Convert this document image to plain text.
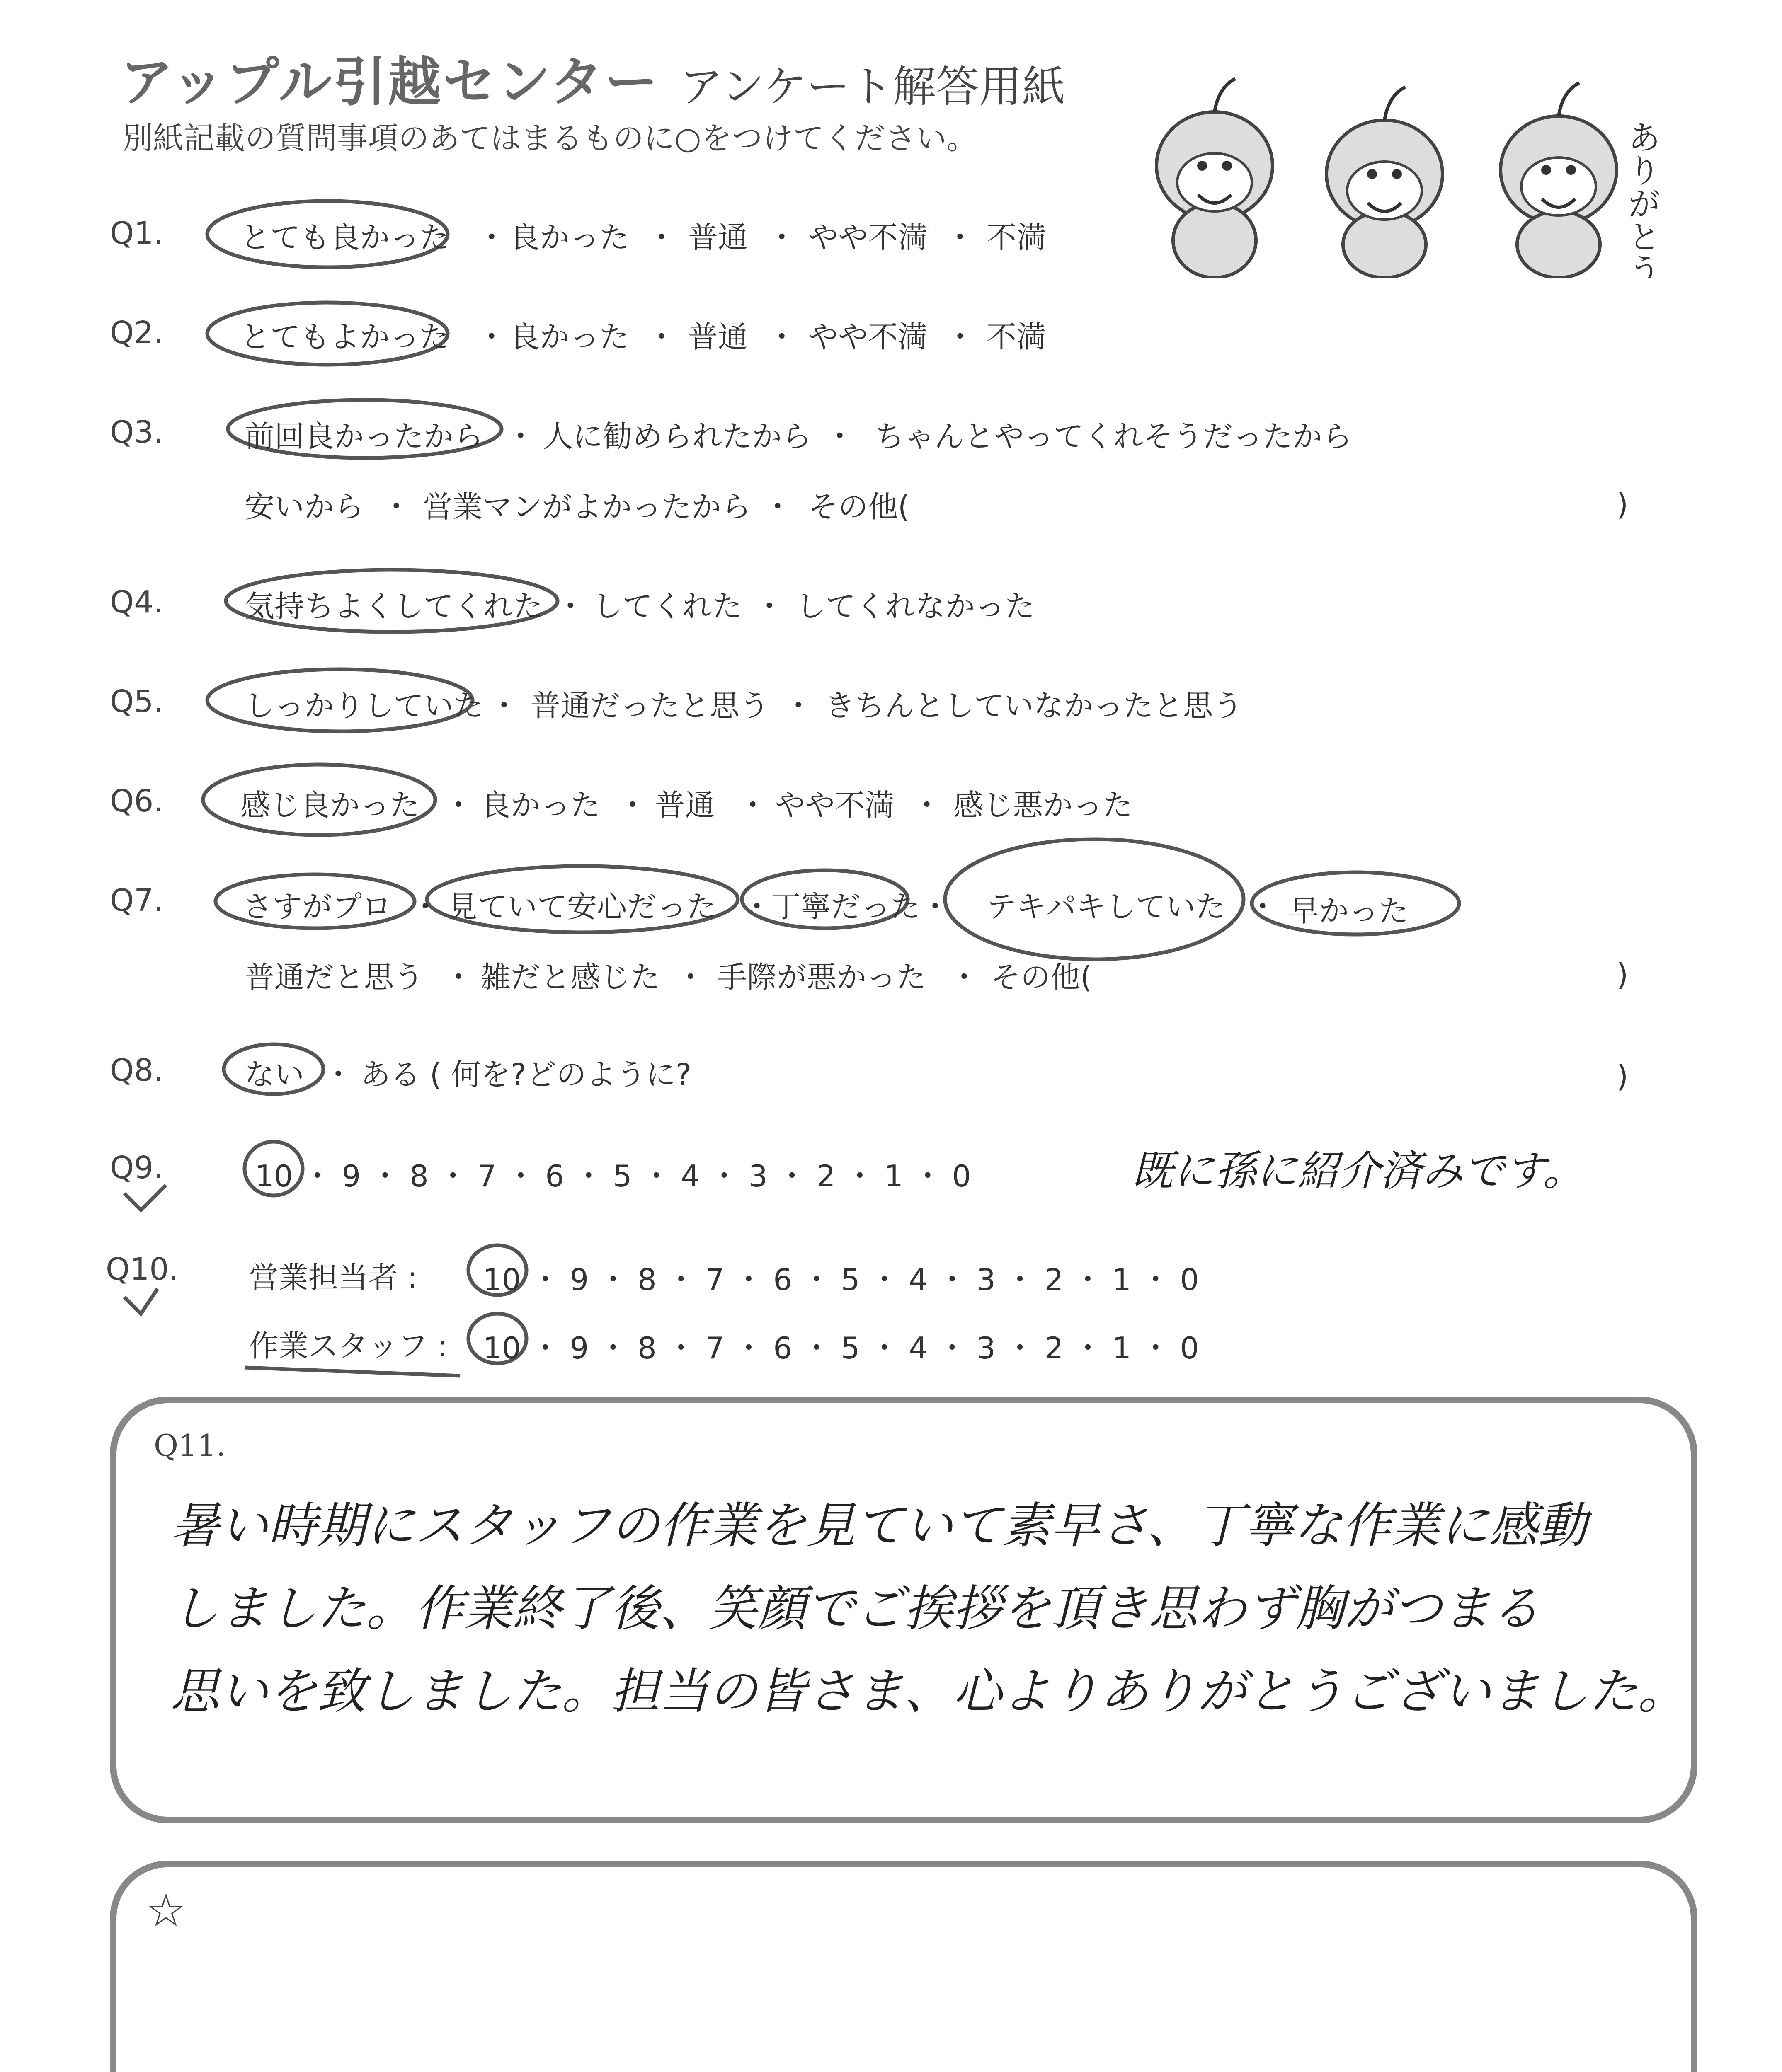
アップル引越センター アンケート解答用紙
別紙記載の質問事項のあてはまるものに○をつけてください。	ありがとう
Q1.	とても良かった ・ 良かった ・ 普通 ・ やや不満 ・ 不満
Q2.	とてもよかった ・ 良かった ・ 普通 ・ やや不満 ・ 不満
Q3.	前回良かったから ・ 人に勧められたから ・ ちゃんとやってくれそうだったから
安いから ・ 営業マンがよかったから ・ その他(	)
Q4.	気持ちよくしてくれた ・ してくれた ・ してくれなかった
Q5.	しっかりしていた ・ 普通だったと思う ・ きちんとしていなかったと思う
Q6.	感じ良かった ・ 良かった ・ 普通 ・ やや不満 ・ 感じ悪かった
Q7.	さすがプロ ・ 見ていて安心だった ・
丁寧だった ・ テキパキしていた ・ 早かった
普通だと思う ・ 雑だと感じた ・ 手際が悪かった ・ その他(	)
Q8.	ない ・ ある ( 何を?どのように?	)
Q9.	10 ・ 9 ・ 8 ・ 7 ・ 6 ・ 5 ・ 4 ・ 3 ・ 2 ・ 1 ・ 0	既に孫に紹介済みです。
Q10. 営業担当者 : 10 ・ 9 ・ 8 ・ 7 ・ 6 ・ 5 ・ 4 ・ 3 ・ 2 ・ 1 ・ 0
作業スタッフ : 10 ・ 9 ・ 8 ・ 7 ・ 6 ・ 5 ・ 4 ・ 3 ・ 2 ・ 1 ・ 0
Q11.
暑い時期にスタッフの作業を見ていて素早さ、丁寧な作業に感動
しました。作業終了後、笑顔でご挨拶を頂き思わず胸がつまる
思いを致しました。担当の皆さま、心よりありがとうございました。
☆
